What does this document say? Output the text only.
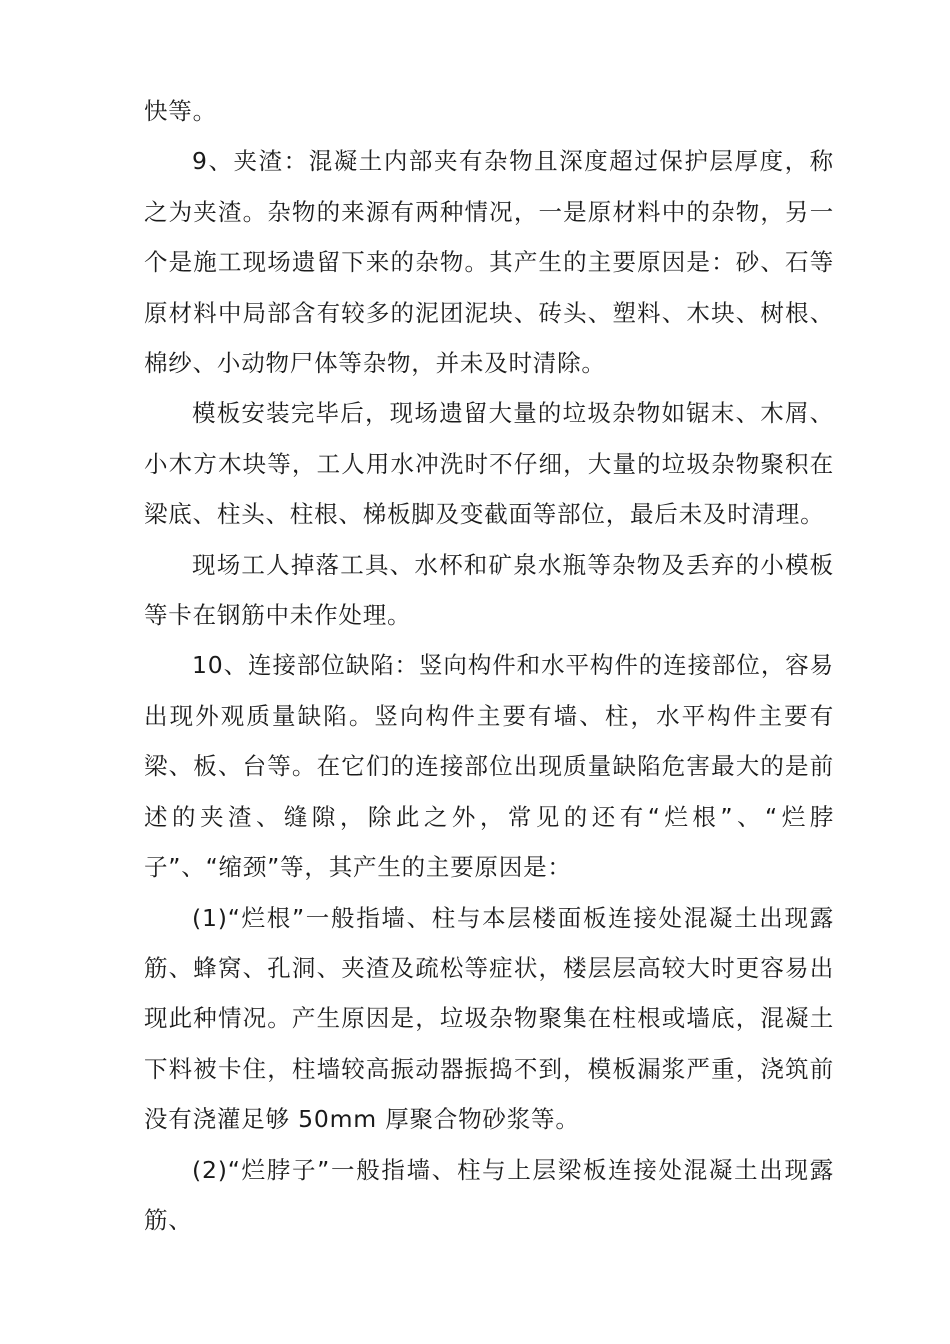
快等。

9、夹渣：混凝土内部夹有杂物且深度超过保护层厚度，称之为夹渣。杂物的来源有两种情况，一是原材料中的杂物，另一个是施工现场遗留下来的杂物。其产生的主要原因是：砂、石等原材料中局部含有较多的泥团泥块、砖头、塑料、木块、树根、棉纱、小动物尸体等杂物，并未及时清除。

模板安装完毕后，现场遗留大量的垃圾杂物如锯末、木屑、小木方木块等，工人用水冲洗时不仔细，大量的垃圾杂物聚积在梁底、柱头、柱根、梯板脚及变截面等部位，最后未及时清理。

现场工人掉落工具、水杯和矿泉水瓶等杂物及丢弃的小模板等卡在钢筋中未作处理。

10、连接部位缺陷：竖向构件和水平构件的连接部位，容易出现外观质量缺陷。竖向构件主要有墙、柱，水平构件主要有梁、板、台等。在它们的连接部位出现质量缺陷危害最大的是前述的夹渣、缝隙，除此之外，常见的还有“烂根”、“烂脖子”、“缩颈”等，其产生的主要原因是：

(1)“烂根”一般指墙、柱与本层楼面板连接处混凝土出现露筋、蜂窝、孔洞、夹渣及疏松等症状，楼层层高较大时更容易出现此种情况。产生原因是，垃圾杂物聚集在柱根或墙底，混凝土下料被卡住，柱墙较高振动器振捣不到，模板漏浆严重，浇筑前没有浇灌足够 50mm 厚聚合物砂浆等。

(2)“烂脖子”一般指墙、柱与上层梁板连接处混凝土出现露筋、
